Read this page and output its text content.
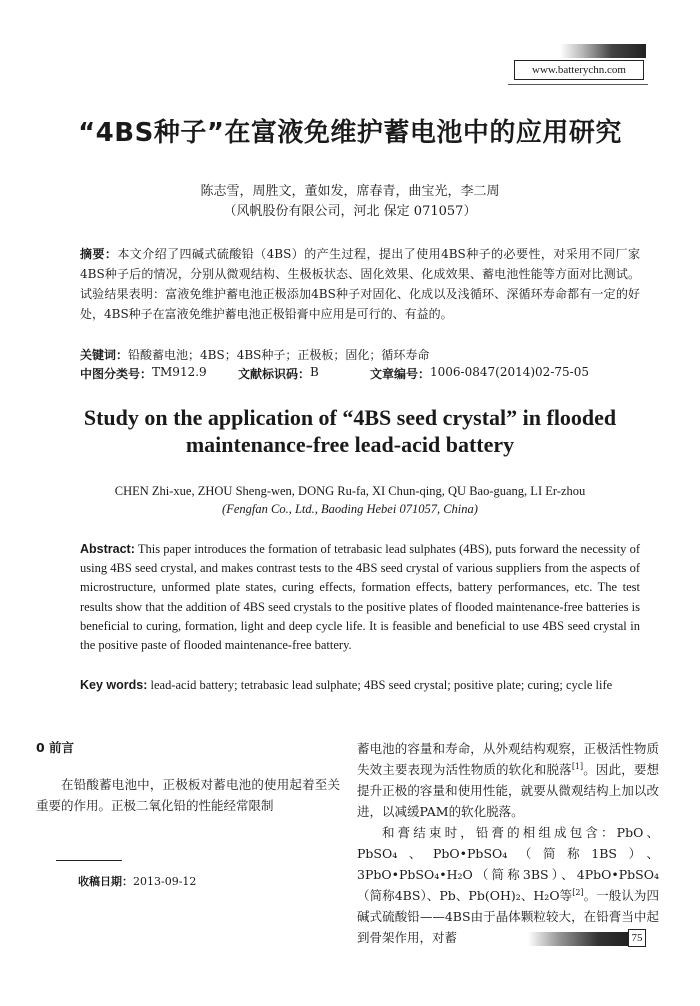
www.batterychn.com
“4BS种子”在富液免维护蓄电池中的应用研究
陈志雪，周胜文，董如发，席春青，曲宝光，李二周
（风帆股份有限公司，河北 保定 071057）
摘要：本文介绍了四碱式硫酸铅（4BS）的产生过程，提出了使用4BS种子的必要性，对采用不同厂家4BS种子后的情况，分别从微观结构、生极板状态、固化效果、化成效果、蓄电池性能等方面对比测试。试验结果表明：富液免维护蓄电池正极添加4BS种子对固化、化成以及浅循环、深循环寿命都有一定的好处，4BS种子在富液免维护蓄电池正极铅膏中应用是可行的、有益的。
关键词：铅酸蓄电池；4BS；4BS种子；正极板；固化；循环寿命
中图分类号： TM912.9	文献标识码： B	文章编号： 1006-0847(2014)02-75-05
Study on the application of “4BS seed crystal” in flooded
maintenance-free lead-acid battery
CHEN Zhi-xue, ZHOU Sheng-wen, DONG Ru-fa, XI Chun-qing, QU Bao-guang, LI Er-zhou
(Fengfan Co., Ltd., Baoding Hebei 071057, China)
Abstract: This paper introduces the formation of tetrabasic lead sulphates (4BS), puts forward the necessity of using 4BS seed crystal, and makes contrast tests to the 4BS seed crystal of various suppliers from the aspects of microstructure, unformed plate states, curing effects, formation effects, battery performances, etc. The test results show that the addition of 4BS seed crystals to the positive plates of flooded maintenance-free batteries is beneficial to curing, formation, light and deep cycle life. It is feasible and beneficial to use 4BS seed crystal in the positive paste of flooded maintenance-free battery.
Key words: lead-acid battery; tetrabasic lead sulphate; 4BS seed crystal; positive plate; curing; cycle life
0 前言

在铅酸蓄电池中，正极板对蓄电池的使用起着至关重要的作用。正极二氧化铅的性能经常限制

收稿日期：2013-09-12

蓄电池的容量和寿命，从外观结构观察，正极活性物质失效主要表现为活性物质的软化和脱落[1]。因此，要想提升正极的容量和使用性能，就要从微观结构上加以改进，以减缓PAM的软化脱落。

和膏结束时，铅膏的相组成包含：PbO、PbSO₄、PbO•PbSO₄（简称1BS）、3PbO•PbSO₄•H₂O（简称3BS）、4PbO•PbSO₄（简称4BS）、Pb、Pb(OH)₂、H₂O等[2]。一般认为四碱式硫酸铅——4BS由于晶体颗粒较大，在铅膏当中起到骨架作用，对蓄	75
